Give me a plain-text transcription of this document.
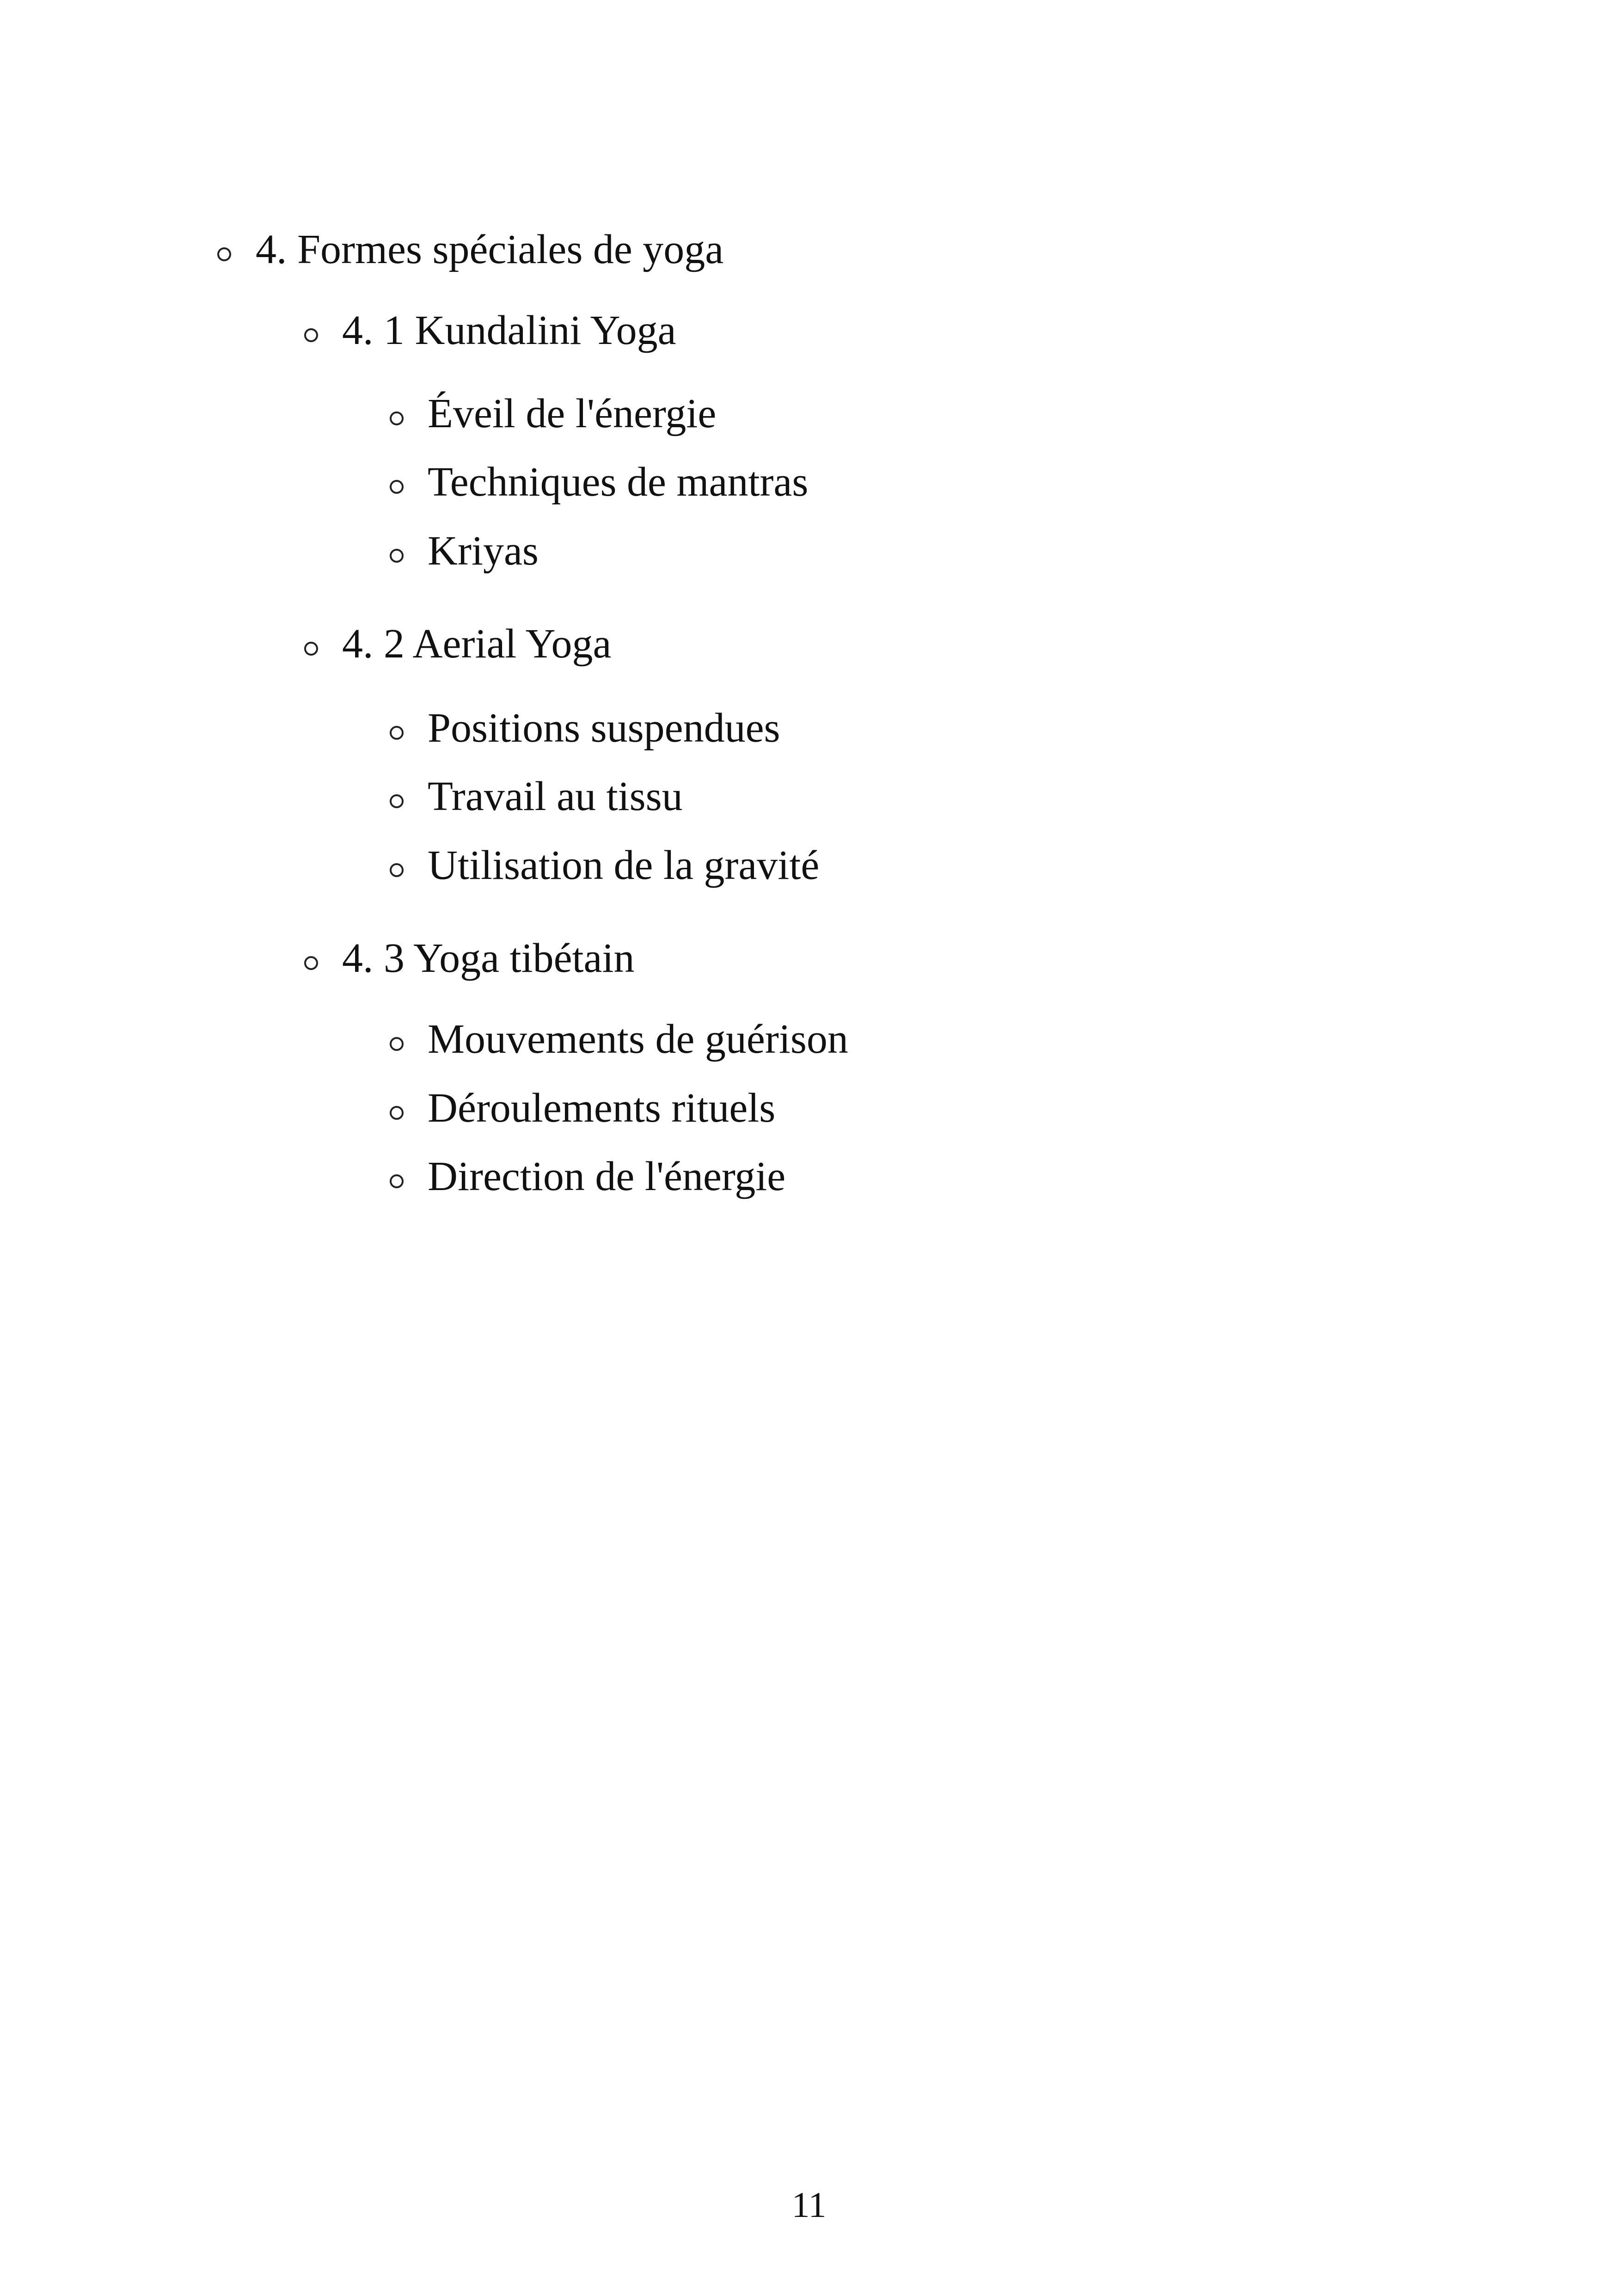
4. Formes spéciales de yoga
4. 1 Kundalini Yoga
Éveil de l'énergie
Techniques de mantras
Kriyas
4. 2 Aerial Yoga
Positions suspendues
Travail au tissu
Utilisation de la gravité
4. 3 Yoga tibétain
Mouvements de guérison
Déroulements rituels
Direction de l'énergie
11
